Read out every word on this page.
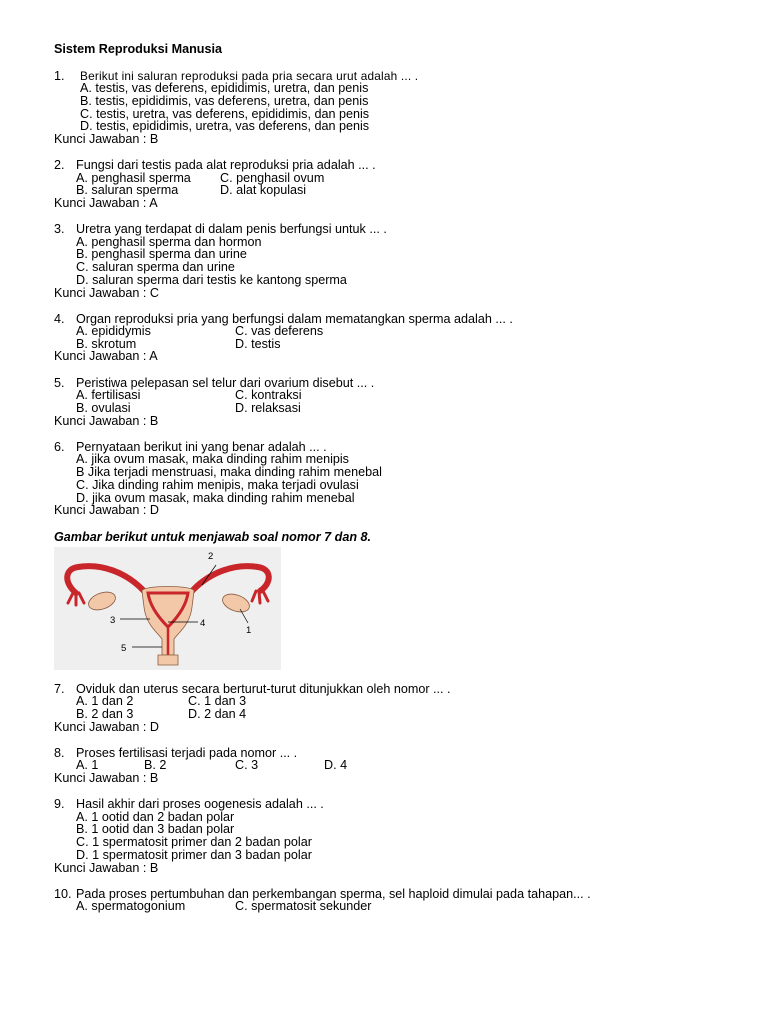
Sistem Reproduksi Manusia
1. Berikut ini saluran reproduksi pada pria secara urut adalah ... .
A. testis, vas deferens, epididimis, uretra, dan penis
B. testis, epididimis, vas deferens, uretra, dan penis
C. testis, uretra, vas deferens, epididimis, dan penis
D. testis, epididimis, uretra, vas deferens, dan penis
Kunci Jawaban : B
2. Fungsi dari testis pada alat reproduksi pria adalah ... .
A. penghasil sperma C. penghasil ovum
B. saluran sperma	D. alat kopulasi
Kunci Jawaban : A
3. Uretra yang terdapat di dalam penis berfungsi untuk ... .
A. penghasil sperma dan hormon
B. penghasil sperma dan urine
C. saluran sperma dan urine
D. saluran sperma dari testis ke kantong sperma
Kunci Jawaban : C
4. Organ reproduksi pria yang berfungsi dalam mematangkan sperma adalah ... .
A. epididymis	C. vas deferens
B. skrotum	D. testis
Kunci Jawaban : A
5. Peristiwa pelepasan sel telur dari ovarium disebut ... .
A. fertilisasi	C. kontraksi
B. ovulasi	D. relaksasi
Kunci Jawaban : B
6. Pernyataan berikut ini yang benar adalah ... .
A. jika ovum masak, maka dinding rahim menipis
B Jika terjadi menstruasi, maka dinding rahim menebal
C. Jika dinding rahim menipis, maka terjadi ovulasi
D. jika ovum masak, maka dinding rahim menebal
Kunci Jawaban : D
Gambar berikut untuk menjawab soal nomor 7 dan 8.
2
3	4
1
5
7. Oviduk dan uterus secara berturut-turut ditunjukkan oleh nomor ... .
A. 1 dan 2	C. 1 dan 3
B. 2 dan 3	D. 2 dan 4
Kunci Jawaban : D
8. Proses fertilisasi terjadi pada nomor ... .
A. 1	B. 2	C. 3	D. 4
Kunci Jawaban : B
9. Hasil akhir dari proses oogenesis adalah ... .
A. 1 ootid dan 2 badan polar
B. 1 ootid dan 3 badan polar
C. 1 spermatosit primer dan 2 badan polar
D. 1 spermatosit primer dan 3 badan polar
Kunci Jawaban : B
10. Pada proses pertumbuhan dan perkembangan sperma, sel haploid dimulai pada tahapan... .
A. spermatogonium	C. spermatosit sekunder
